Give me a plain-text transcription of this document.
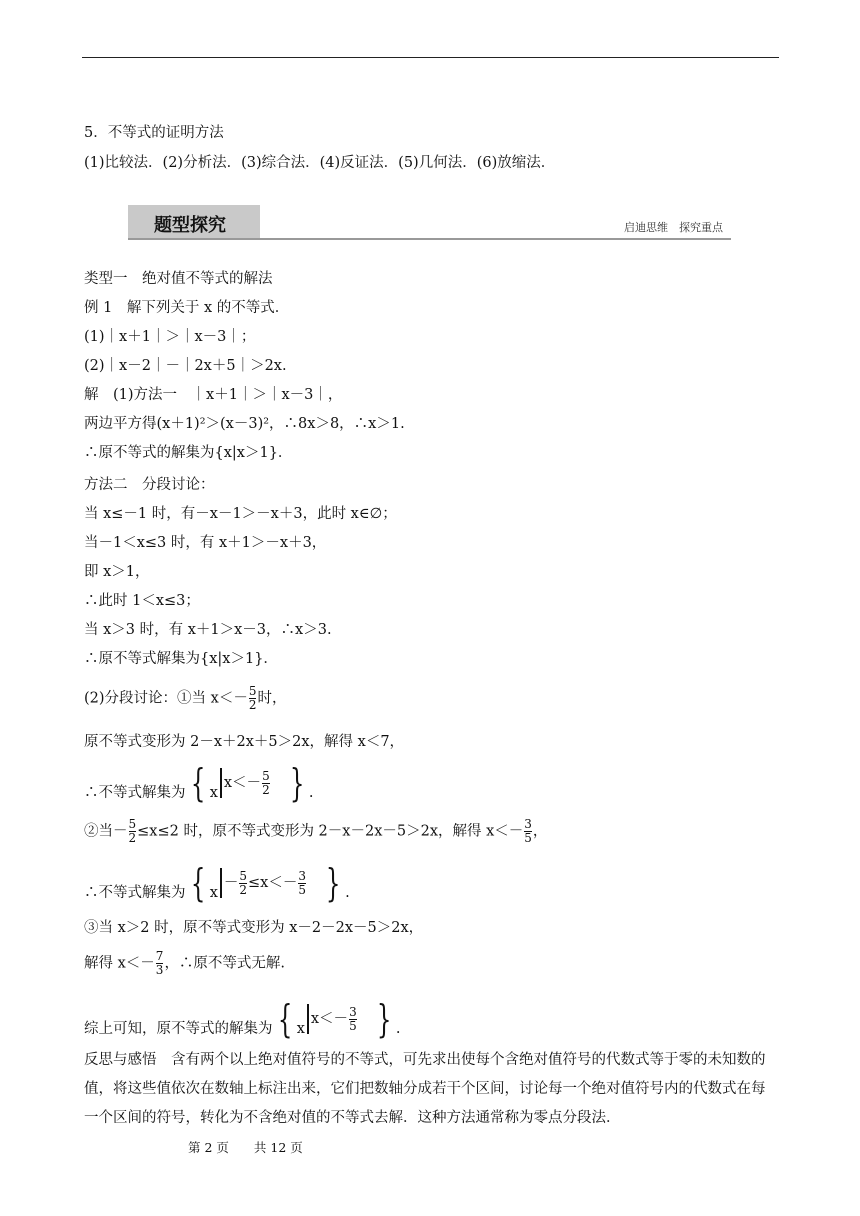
5．不等式的证明方法
(1)比较法．(2)分析法．(3)综合法．(4)反证法．(5)几何法．(6)放缩法．
题型探究	启迪思维　探究重点
类型一　绝对值不等式的解法
例 1　解下列关于 x 的不等式．
(1)｜x＋1｜＞｜x－3｜；
(2)｜x－2｜－｜2x＋5｜＞2x.
解　(1)方法一　｜x＋1｜＞｜x－3｜，
两边平方得(x＋1)²＞(x－3)²，∴8x＞8，∴x＞1.
∴原不等式的解集为{x|x＞1}．
方法二　分段讨论：
当 x≤－1 时，有－x－1＞－x＋3，此时 x∈∅；
当－1＜x≤3 时，有 x＋1＞－x＋3，
即 x＞1，
∴此时 1＜x≤3；
当 x＞3 时，有 x＋1＞x－3，∴x＞3.
∴原不等式解集为{x|x＞1}．
(2)分段讨论：①当 $x<- \frac{5}{2}$ 时，
原不等式变形为 2－x＋2x＋5＞2x，解得 x＜7，
∴不等式解集为 { $xx<- \frac{5}{2}$ } .
②当－ $\frac{5}{2} \le x\le 2$ 时，原不等式变形为 2－x－2x－5＞2x，解得 $x<- \frac{3}{5}$ ，
∴不等式解集为 { $x- \frac{5}{2} \le x<- \frac{3}{5}$ } .
③当 x＞2 时，原不等式变形为 x－2－2x－5＞2x，
解得 $x<- \frac{7}{3}$ ，∴原不等式无解.
综上可知，原不等式的解集为 { $xx<- \frac{3}{5}$ } .
反思与感悟　含有两个以上绝对值符号的不等式，可先求出使每个含绝对值符号的代数式等于零的未知数的值，将这些值依次在数轴上标注出来，它们把数轴分成若干个区间，讨论每一个绝对值符号内的代数式在每一个区间的符号，转化为不含绝对值的不等式去解．这种方法通常称为零点分段法．
第 2 页　　共 12 页
